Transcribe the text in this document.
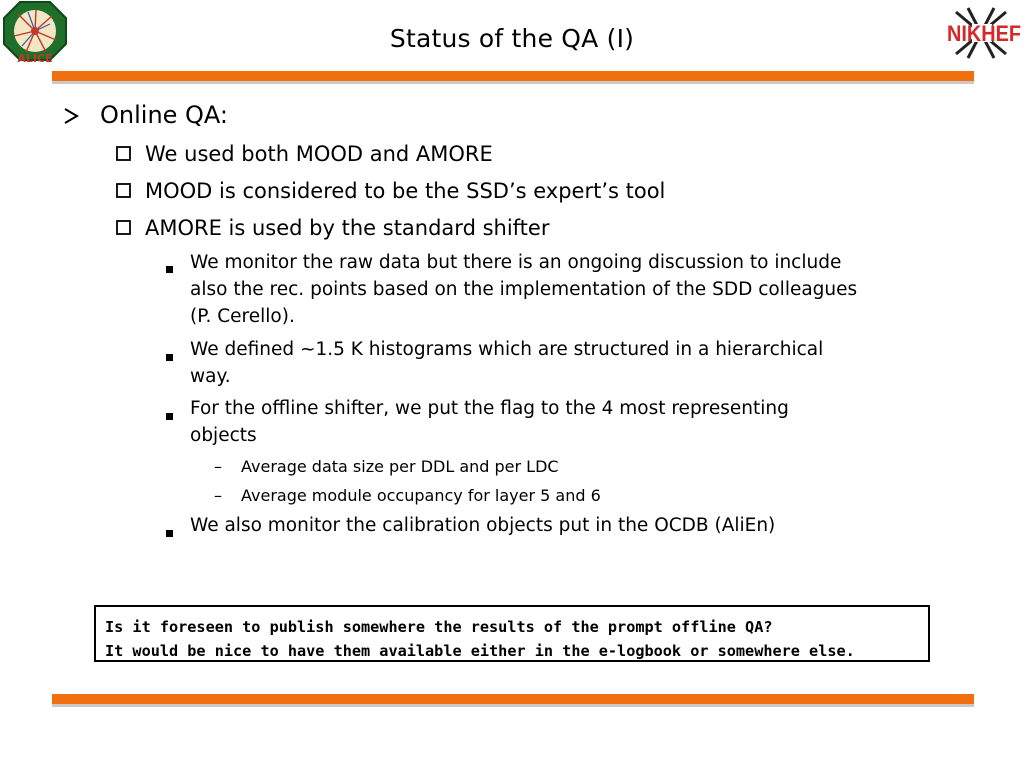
ALICE
NIKHEF
Status of the QA (I)
Online QA:
We used both MOOD and AMORE
MOOD is considered to be the SSD’s expert’s tool
AMORE is used by the standard shifter
We monitor the raw data but there is an ongoing discussion to include
also the rec. points based on the implementation of the SDD colleagues
(P. Cerello).
We defined ~1.5 K histograms which are structured in a hierarchical
way.
For the offline shifter, we put the flag to the 4 most representing
objects
– Average data size per DDL and per LDC
– Average module occupancy for layer 5 and 6
We also monitor the calibration objects put in the OCDB (AliEn)
Is it foreseen to publish somewhere the results of the prompt offline QA?
It would be nice to have them available either in the e-logbook or somewhere else.
